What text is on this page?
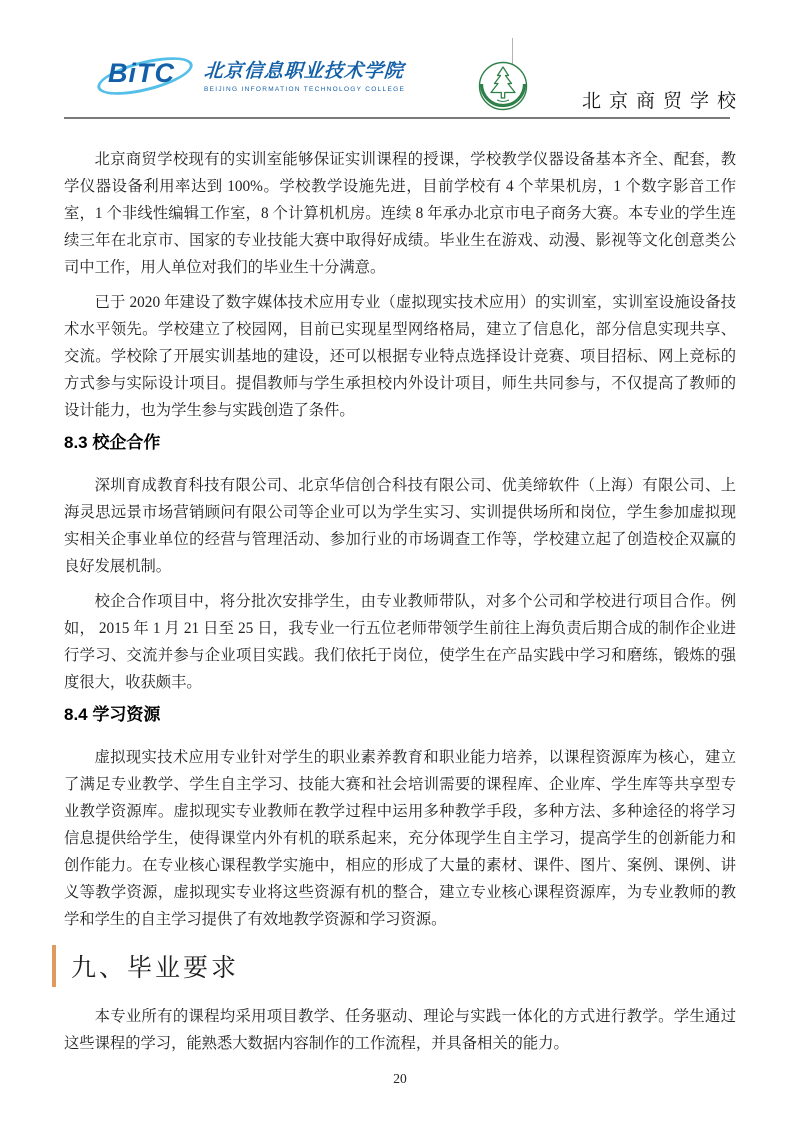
BiTC 北京信息职业技术学院
BEIJING INFORMATION TECHNOLOGY COLLEGE
北京商贸学校

北京商贸学校现有的实训室能够保证实训课程的授课，学校教学仪器设备基本齐全、配套，教学仪器设备利用率达到 100%。学校教学设施先进，目前学校有 4 个苹果机房，1 个数字影音工作室，1 个非线性编辑工作室，8 个计算机机房。连续 8 年承办北京市电子商务大赛。本专业的学生连续三年在北京市、国家的专业技能大赛中取得好成绩。毕业生在游戏、动漫、影视等文化创意类公司中工作，用人单位对我们的毕业生十分满意。

已于 2020 年建设了数字媒体技术应用专业（虚拟现实技术应用）的实训室，实训室设施设备技术水平领先。学校建立了校园网，目前已实现星型网络格局，建立了信息化，部分信息实现共享、交流。学校除了开展实训基地的建设，还可以根据专业特点选择设计竞赛、项目招标、网上竞标的方式参与实际设计项目。提倡教师与学生承担校内外设计项目，师生共同参与，不仅提高了教师的设计能力，也为学生参与实践创造了条件。

8.3 校企合作

深圳育成教育科技有限公司、北京华信创合科技有限公司、优美缔软件（上海）有限公司、上海灵思远景市场营销顾问有限公司等企业可以为学生实习、实训提供场所和岗位，学生参加虚拟现实相关企事业单位的经营与管理活动、参加行业的市场调查工作等，学校建立起了创造校企双赢的良好发展机制。

校企合作项目中，将分批次安排学生，由专业教师带队，对多个公司和学校进行项目合作。例如， 2015 年 1 月 21 日至 25 日，我专业一行五位老师带领学生前往上海负责后期合成的制作企业进行学习、交流并参与企业项目实践。我们依托于岗位，使学生在产品实践中学习和磨练，锻炼的强度很大，收获颇丰。

8.4 学习资源

虚拟现实技术应用专业针对学生的职业素养教育和职业能力培养，以课程资源库为核心，建立了满足专业教学、学生自主学习、技能大赛和社会培训需要的课程库、企业库、学生库等共享型专业教学资源库。虚拟现实专业教师在教学过程中运用多种教学手段，多种方法、多种途径的将学习信息提供给学生，使得课堂内外有机的联系起来，充分体现学生自主学习，提高学生的创新能力和创作能力。在专业核心课程教学实施中，相应的形成了大量的素材、课件、图片、案例、课例、讲义等教学资源，虚拟现实专业将这些资源有机的整合，建立专业核心课程资源库，为专业教师的教学和学生的自主学习提供了有效地教学资源和学习资源。

九、毕业要求

本专业所有的课程均采用项目教学、任务驱动、理论与实践一体化的方式进行教学。学生通过这些课程的学习，能熟悉大数据内容制作的工作流程，并具备相关的能力。

20
